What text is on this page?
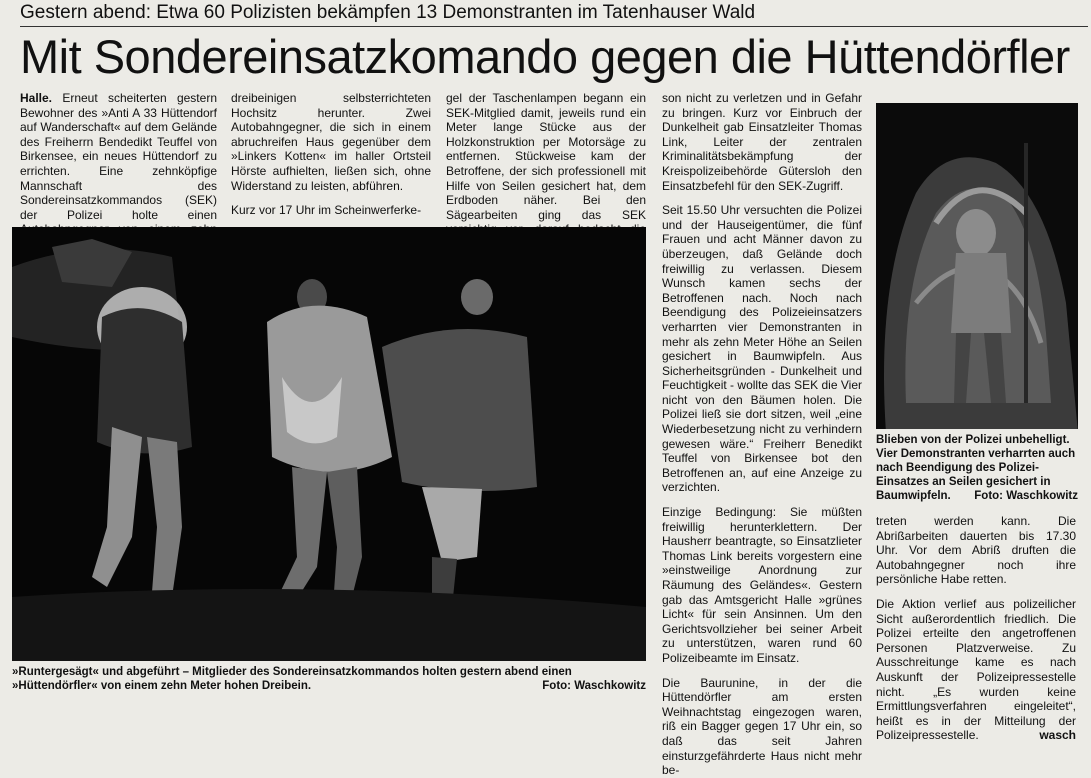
Gestern abend: Etwa 60 Polizisten bekämpfen 13 Demonstranten im Tatenhauser Wald
Mit Sondereinsatzkomando gegen die Hüttendörfler

Halle. Erneut scheiterten gestern Bewohner des »Anti A 33 Hüttendorf auf Wanderschaft« auf dem Gelände des Freiherrn Bendedikt Teuffel von Birkensee, ein neues Hüttendorf zu errichten. Eine zehnköpfige Mannschaft des Sondereinsatzkommandos (SEK) der Polizei holte einen

dreibeinigen selbsterrichteten Hochsitz herunter. Zwei Autobahngegner, die sich in einem abruchreifen Haus gegenüber dem »Linkers Kotten« im haller Ortsteil Hörste aufhielten, ließen sich, ohne Widerstand zu leisten, abführen.

Kurz vor 17 Uhr im Scheinwerferke-

gel der Taschenlampen begann ein SEK-Mitglied damit, jeweils rund ein Meter lange Stücke aus der Holzkonstruktion per Motorsäge zu entfernen. Stückweise kam der Betroffene, der sich professionell mit Hilfe von Seilen gesichert hat, dem Erdboden näher. Bei den Sägearbeiten ging das SEK

son nicht zu verletzen und in Gefahr zu bringen. Kurz vor Einbruch der Dunkelheit gab Einsatzleiter Thomas Link, Leiter der zentralen Kriminalitätsbekämpfung der Kreispolizeibehörde Gütersloh den Einsatzbefehl für den SEK-Zugriff.

Seit 15.50 Uhr versuchten die Polizei und der Hauseigentümer, die fünf Frauen und acht Männer davon zu überzeugen, daß Gelände doch freiwillig zu verlassen. Diesem Wunsch kamen sechs der Betroffenen nach. Noch nach Beendigung des Polizeieinsatzers verharrten vier Demonstranten in mehr als zehn Meter Höhe an Seilen gesichert in Baumwipfeln. Aus Sicherheitsgründen - Dunkelheit und Feuchtigkeit - wollte das SEK die Vier nicht von den Bäumen holen. Die Polizei ließ sie dort sitzen, weil „eine Wiederbesetzung nicht zu verhindern gewesen wäre.“ Freiherr Benedikt Teuffel von Birkensee bot den Betroffenen an, auf eine Anzeige zu verzichten.

Einzige Bedingung: Sie müßten freiwillig herunterklettern. Der Hausherr beantragte, so Einsatzlieter Thomas Link bereits vorgestern eine »einstweilige Anordnung zur Räumung des Geländes«. Gestern gab das Amtsgericht Halle »grünes Licht« für sein Ansinnen. Um den Gerichtsvollzieher bei seiner Arbeit zu unterstützen, waren rund 60 Polizeibeamte im Einsatz.

Die Baurunine, in der die Hüttendörfler am ersten Weihnachtstag eingezogen waren, riß ein Bagger gegen 17 Uhr ein, so daß das seit Jahren einsturzgefährderte Haus nicht mehr be-

treten werden kann. Die Abrißarbeiten dauerten bis 17.30 Uhr. Vor dem Abriß druften die Autobahngegner noch ihre persönliche Habe retten.

Die Aktion verlief aus polizeilicher Sicht außerordentlich friedlich. Die Polizei erteilte den angetroffenen Personen Platzverweise. Zu Ausschreitunge kame es nach Auskunft der Polizeipressestelle nicht. „Es wurden keine Ermittlungsverfahren eingeleitet“, heißt es in der Mitteilung der Polizeipressestelle.	wasch

»Runtergesägt« und abgeführt – Mitglieder des Sondereinsatzkommandos holten gestern abend einen »Hüttendörfler« von einem zehn Meter hohen Dreibein.	Foto: Waschkowitz
Blieben von der Polizei unbehelligt. Vier Demonstranten verharrten auch nach Beendigung des Polizei-Einsatzes an Seilen gesichert in Baumwipfeln. Foto: Waschkowitz
